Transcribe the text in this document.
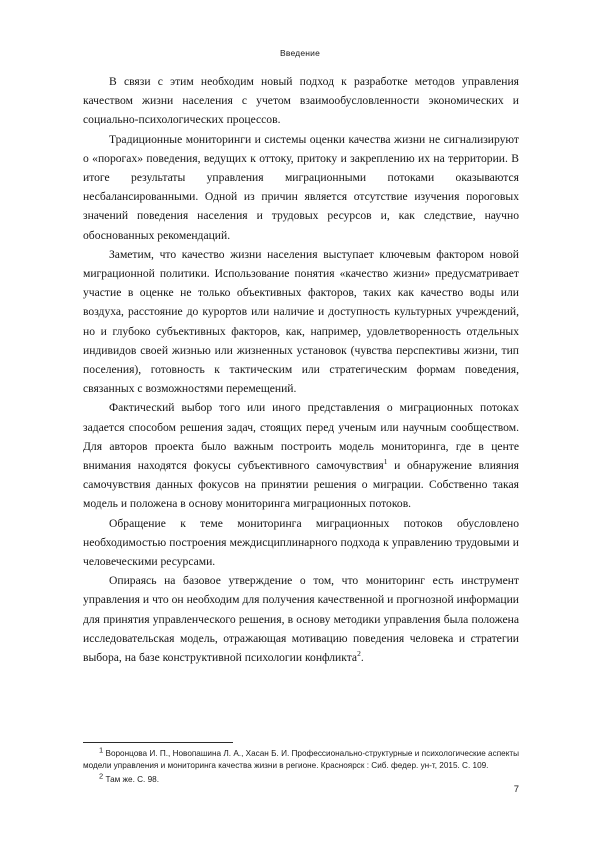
Введение

В связи с этим необходим новый подход к разработке методов управления качеством жизни населения с учетом взаимообусловленности экономических и социально-психологических процессов.

Традиционные мониторинги и системы оценки качества жизни не сигнализируют о «порогах» поведения, ведущих к оттоку, притоку и закреплению их на территории. В итоге результаты управления миграционными потоками оказываются несбалансированными. Одной из причин является отсутствие изучения пороговых значений поведения населения и трудовых ресурсов и, как следствие, научно обоснованных рекомендаций.

Заметим, что качество жизни населения выступает ключевым фактором новой миграционной политики. Использование понятия «качество жизни» предусматривает участие в оценке не только объективных факторов, таких как качество воды или воздуха, расстояние до курортов или наличие и доступность культурных учреждений, но и глубоко субъективных факторов, как, например, удовлетворенность отдельных индивидов своей жизнью или жизненных установок (чувства перспективы жизни, тип поселения), готовность к тактическим или стратегическим формам поведения, связанных с возможностями перемещений.

Фактический выбор того или иного представления о миграционных потоках задается способом решения задач, стоящих перед ученым или научным сообществом. Для авторов проекта было важным построить модель мониторинга, где в центе внимания находятся фокусы субъективного самочувствия$^1$ и обнаружение влияния самочувствия данных фокусов на принятии решения о миграции. Собственно такая модель и положена в основу мониторинга миграционных потоков.

Обращение к теме мониторинга миграционных потоков обусловлено необходимостью построения междисциплинарного подхода к управлению трудовыми и человеческими ресурсами.

Опираясь на базовое утверждение о том, что мониторинг есть инструмент управления и что он необходим для получения качественной и прогнозной информации для принятия управленческого решения, в основу методики управления была положена исследовательская модель, отражающая мотивацию поведения человека и стратегии выбора, на базе конструктивной психологии конфликта$^2$.

$^1$ Воронцова И. П., Новопашина Л. А., Хасан Б. И. Профессионально-структурные и психологические аспекты модели управления и мониторинга качества жизни в регионе. Красноярск : Сиб. федер. ун-т, 2015. С. 109.

$^2$ Там же. С. 98.

7
